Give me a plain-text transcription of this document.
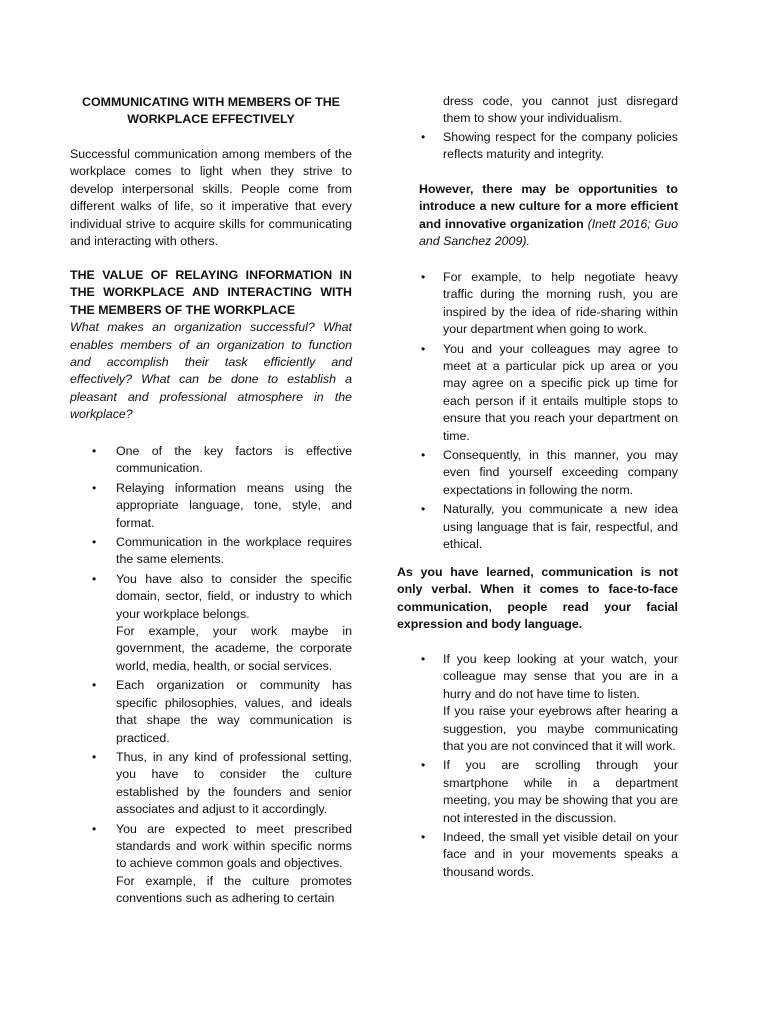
COMMUNICATING WITH MEMBERS OF THE WORKPLACE EFFECTIVELY

Successful communication among members of the workplace comes to light when they strive to develop interpersonal skills. People come from different walks of life, so it imperative that every individual strive to acquire skills for communicating and interacting with others.

THE VALUE OF RELAYING INFORMATION IN THE WORKPLACE AND INTERACTING WITH THE MEMBERS OF THE WORKPLACE
What makes an organization successful? What enables members of an organization to function and accomplish their task efficiently and effectively? What can be done to establish a pleasant and professional atmosphere in the workplace?
• One of the key factors is effective communication.
• Relaying information means using the appropriate language, tone, style, and format.
• Communication in the workplace requires the same elements.
• You have also to consider the specific domain, sector, field, or industry to which your workplace belongs.
For example, your work maybe in government, the academe, the corporate world, media, health, or social services.
• Each organization or community has specific philosophies, values, and ideals that shape the way communication is practiced.
• Thus, in any kind of professional setting, you have to consider the culture established by the founders and senior associates and adjust to it accordingly.
• You are expected to meet prescribed standards and work within specific norms to achieve common goals and objectives.
For example, if the culture promotes conventions such as adhering to certain

dress code, you cannot just disregard them to show your individualism.

• Showing respect for the company policies reflects maturity and integrity.

However, there may be opportunities to introduce a new culture for a more efficient and innovative organization (Inett 2016; Guo and Sanchez 2009).

• For example, to help negotiate heavy traffic during the morning rush, you are inspired by the idea of ride-sharing within your department when going to work.
• You and your colleagues may agree to meet at a particular pick up area or you may agree on a specific pick up time for each person if it entails multiple stops to ensure that you reach your department on time.
• Consequently, in this manner, you may even find yourself exceeding company expectations in following the norm.
• Naturally, you communicate a new idea using language that is fair, respectful, and ethical.

As you have learned, communication is not only verbal. When it comes to face-to-face communication, people read your facial expression and body language.

• If you keep looking at your watch, your colleague may sense that you are in a hurry and do not have time to listen.
If you raise your eyebrows after hearing a suggestion, you maybe communicating that you are not convinced that it will work.
• If you are scrolling through your smartphone while in a department meeting, you may be showing that you are not interested in the discussion.
• Indeed, the small yet visible detail on your face and in your movements speaks a thousand words.
